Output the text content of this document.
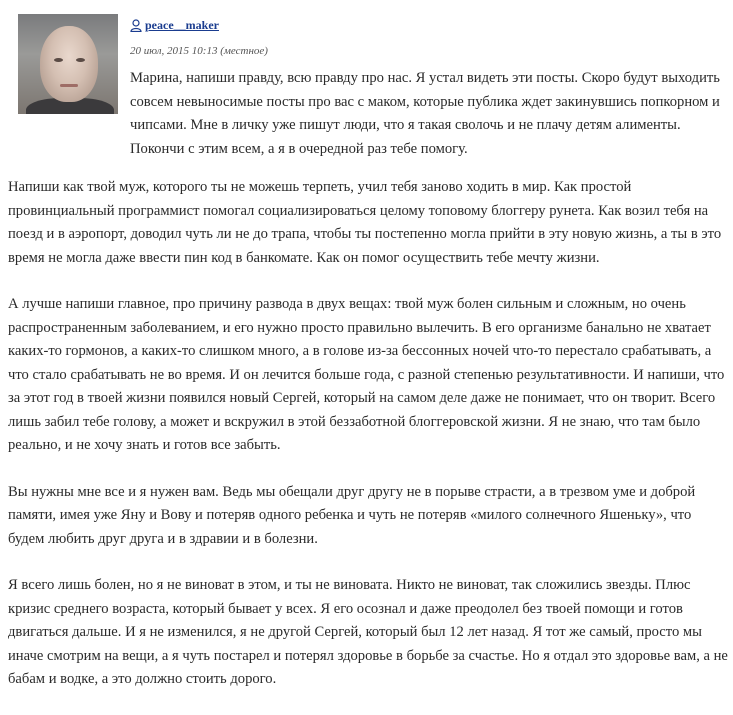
peace__maker
20 июл, 2015 10:13 (местное)

Марина, напиши правду, всю правду про нас. Я устал видеть эти посты. Скоро будут выходить совсем невыносимые посты про вас с маком, которые публика ждет закинувшись попкорном и чипсами. Мне в личку уже пишут люди, что я такая сволочь и не плачу детям алименты. Покончи с этим всем, а я в очередной раз тебе помогу.

Напиши как твой муж, которого ты не можешь терпеть, учил тебя заново ходить в мир. Как простой провинциальный программист помогал социализироваться целому топовому блоггеру рунета. Как возил тебя на поезд и в аэропорт, доводил чуть ли не до трапа, чтобы ты постепенно могла прийти в эту новую жизнь, а ты в это время не могла даже ввести пин код в банкомате. Как он помог осуществить тебе мечту жизни.

А лучше напиши главное, про причину развода в двух вещах: твой муж болен сильным и сложным, но очень распространенным заболеванием, и его нужно просто правильно вылечить. В его организме банально не хватает каких-то гормонов, а каких-то слишком много, а в голове из-за бессонных ночей что-то перестало срабатывать, а что стало срабатывать не во время. И он лечится больше года, с разной степенью результативности. И напиши, что за этот год в твоей жизни появился новый Сергей, который на самом деле даже не понимает, что он творит. Всего лишь забил тебе голову, а может и вскружил в этой беззаботной блоггеровской жизни. Я не знаю, что там было реально, и не хочу знать и готов все забыть.

Вы нужны мне все и я нужен вам. Ведь мы обещали друг другу не в порыве страсти, а в трезвом уме и доброй памяти, имея уже Яну и Вову и потеряв одного ребенка и чуть не потеряв «милого солнечного Яшеньку», что будем любить друг друга и в здравии и в болезни.

Я всего лишь болен, но я не виноват в этом, и ты не виновата. Никто не виноват, так сложились звезды. Плюс кризис среднего возраста, который бывает у всех. Я его осознал и даже преодолел без твоей помощи и готов двигаться дальше. И я не изменился, я не другой Сергей, который был 12 лет назад. Я тот же самый, просто мы иначе смотрим на вещи, а я чуть постарел и потерял здоровье в борьбе за счастье. Но я отдал это здоровье вам, а не бабам и водке, а это должно стоить дорого.
